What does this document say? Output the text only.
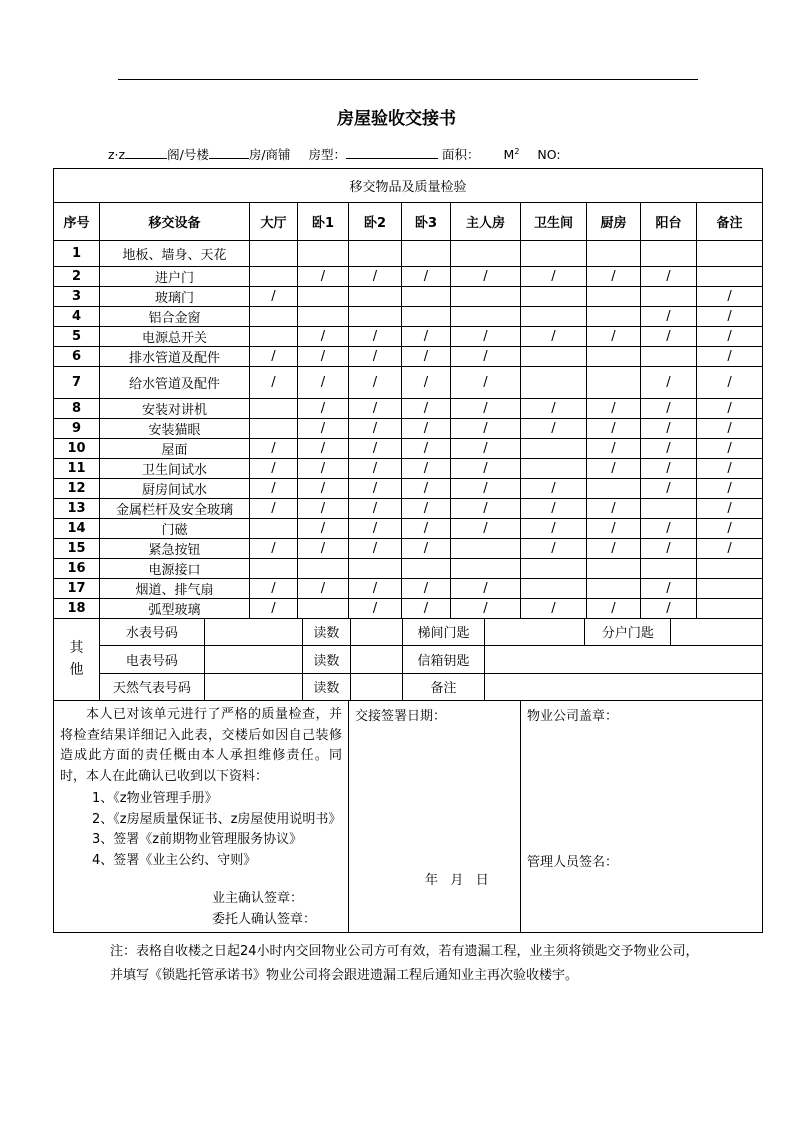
房屋验收交接书
z·z	阁/号楼	房/商铺 房型：	面积： $M^2$ NO:
移交物品及质量检验
序号	移交设备	大厅	卧1	卧2	卧3	主人房	卫生间	厨房	阳台	备注
1	地板、墙身、天花									
2	进户门		/	/	/	/	/	/	/	
3	玻璃门	/								/
4	铝合金窗								/	/
5	电源总开关		/	/	/	/	/	/	/	/
6	排水管道及配件	/	/	/	/	/				/
7	给水管道及配件	/	/	/	/	/			/	/
8	安装对讲机		/	/	/	/	/	/	/	/
9	安装猫眼		/	/	/	/	/	/	/	/
10	屋面	/	/	/	/	/		/	/	/
11	卫生间试水	/	/	/	/	/		/	/	/
12	厨房间试水	/	/	/	/	/	/		/	/
13	金属栏杆及安全玻璃	/	/	/	/	/	/	/		/
14	门磁		/	/	/	/	/	/	/	/
15	紧急按钮	/	/	/	/		/	/	/	/
16	电源接口									
17	烟道、排气扇	/	/	/	/	/			/	
18	弧型玻璃	/		/	/	/	/	/	/	
其他	
水表号码		读数		梯间门匙		分户门匙	
电表号码		读数		信箱钥匙	
天然气表号码		读数		备注	

本人已对该单元进行了严格的质量检查，并将检查结果详细记入此表，交楼后如因自己装修造成此方面的责任概由本人承担维修责任。同时，本人在此确认已收到以下资料：

1、《z物业管理手册》

2、《z房屋质量保证书、z房屋使用说明书》

3、签署《z前期物业管理服务协议》

4、签署《业主公约、守则》

业主确认签章：

委托人确认签章：

交接签署日期：
年   月   日

物业公司盖章：
管理人员签名：
注：表格自收楼之日起24小时内交回物业公司方可有效，若有遗漏工程，业主须将锁匙交予物业公司，并填写《锁匙托管承诺书》物业公司将会跟进遗漏工程后通知业主再次验收楼宇。
